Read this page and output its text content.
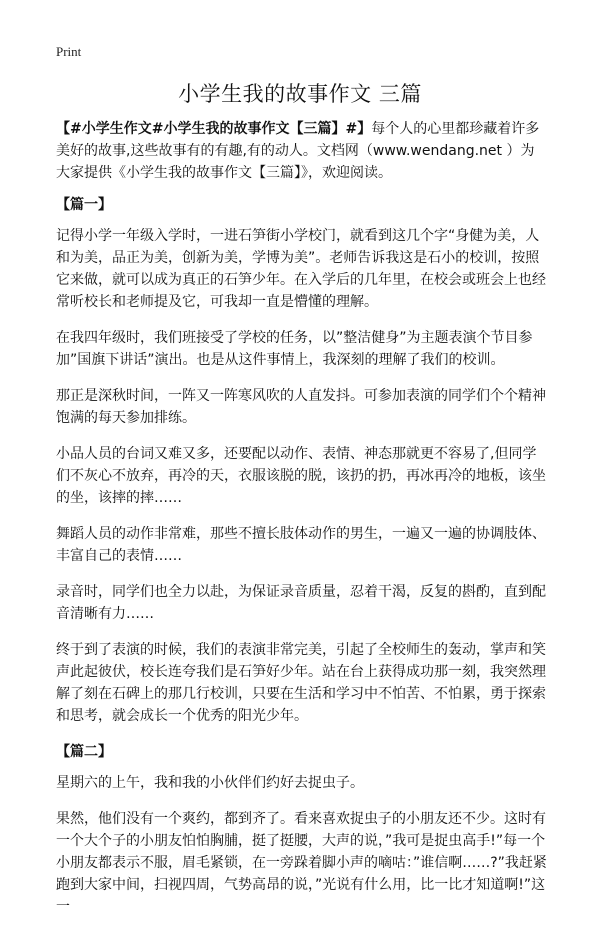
Print
小学生我的故事作文 三篇

【#小学生作文#小学生我的故事作文【三篇】#】每个人的心里都珍藏着许多美好的故事,这些故事有的有趣,有的动人。文档网（www.wendang.net ）为大家提供《小学生我的故事作文【三篇】》，欢迎阅读。

【篇一】

记得小学一年级入学时，一进石笋街小学校门，就看到这几个字“身健为美，人和为美，品正为美，创新为美，学博为美”。老师告诉我这是石小的校训，按照它来做，就可以成为真正的石笋少年。在入学后的几年里，在校会或班会上也经常听校长和老师提及它，可我却一直是懵懂的理解。

在我四年级时，我们班接受了学校的任务，以”整洁健身”为主题表演个节目参加”国旗下讲话”演出。也是从这件事情上，我深刻的理解了我们的校训。

那正是深秋时间，一阵又一阵寒风吹的人直发抖。可参加表演的同学们个个精神饱满的每天参加排练。

小品人员的台词又难又多，还要配以动作、表情、神态那就更不容易了,但同学们不灰心不放弃，再冷的天，衣服该脱的脱，该扔的扔，再冰再冷的地板，该坐的坐，该摔的摔……

舞蹈人员的动作非常难，那些不擅长肢体动作的男生，一遍又一遍的协调肢体、丰富自己的表情……

录音时，同学们也全力以赴，为保证录音质量，忍着干渴，反复的斟酌，直到配音清晰有力……

终于到了表演的时候，我们的表演非常完美，引起了全校师生的轰动，掌声和笑声此起彼伏，校长连夸我们是石笋好少年。站在台上获得成功那一刻，我突然理解了刻在石碑上的那几行校训，只要在生活和学习中不怕苦、不怕累，勇于探索和思考，就会成长一个优秀的阳光少年。

【篇二】

星期六的上午，我和我的小伙伴们约好去捉虫子。

果然，他们没有一个爽约，都到齐了。看来喜欢捉虫子的小朋友还不少。这时有一个大个子的小朋友怕怕胸脯，挺了挺腰，大声的说，”我可是捉虫高手!”每一个小朋友都表示不服，眉毛紧锁，在一旁跺着脚小声的嘀咕：”谁信啊……?”我赶紧跑到大家中间，扫视四周，气势高昂的说，”光说有什么用，比一比才知道啊!”这一
